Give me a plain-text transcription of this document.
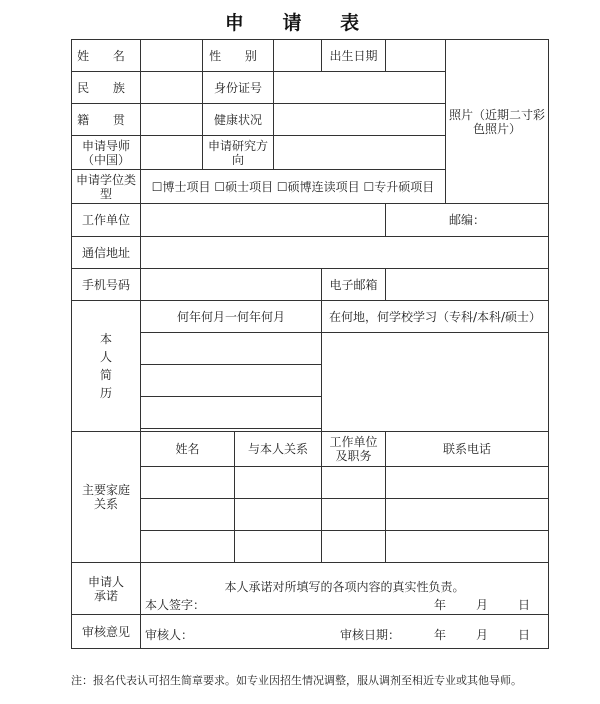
申 请 表
姓 名		性 别			出生日期		照片（近期二寸彩色照片）
民 族		身份证号					
籍 贯		健康状况					
申请导师（中国）		申请研究方向					
申请学位类型	☐博士项目 ☐硕士项目 ☐硕博连读项目 ☐专升硕项目						
工作单位						邮编：	
通信地址							
手机号码					电子邮箱		
本人简历	何年何月一何年何月				在何地，何学校学习（专科/本科/硕士）		

主要家庭关系	姓名		与本人关系		工作单位及职务	联系电话	

申请人承诺	本人承诺对所填写的各项内容的真实性负责。
本人签字： 年 月 日						

审核意见	审核人： 审核日期： 年 月 日						
注：报名代表认可招生简章要求。如专业因招生情况调整，服从调剂至相近专业或其他导师。
